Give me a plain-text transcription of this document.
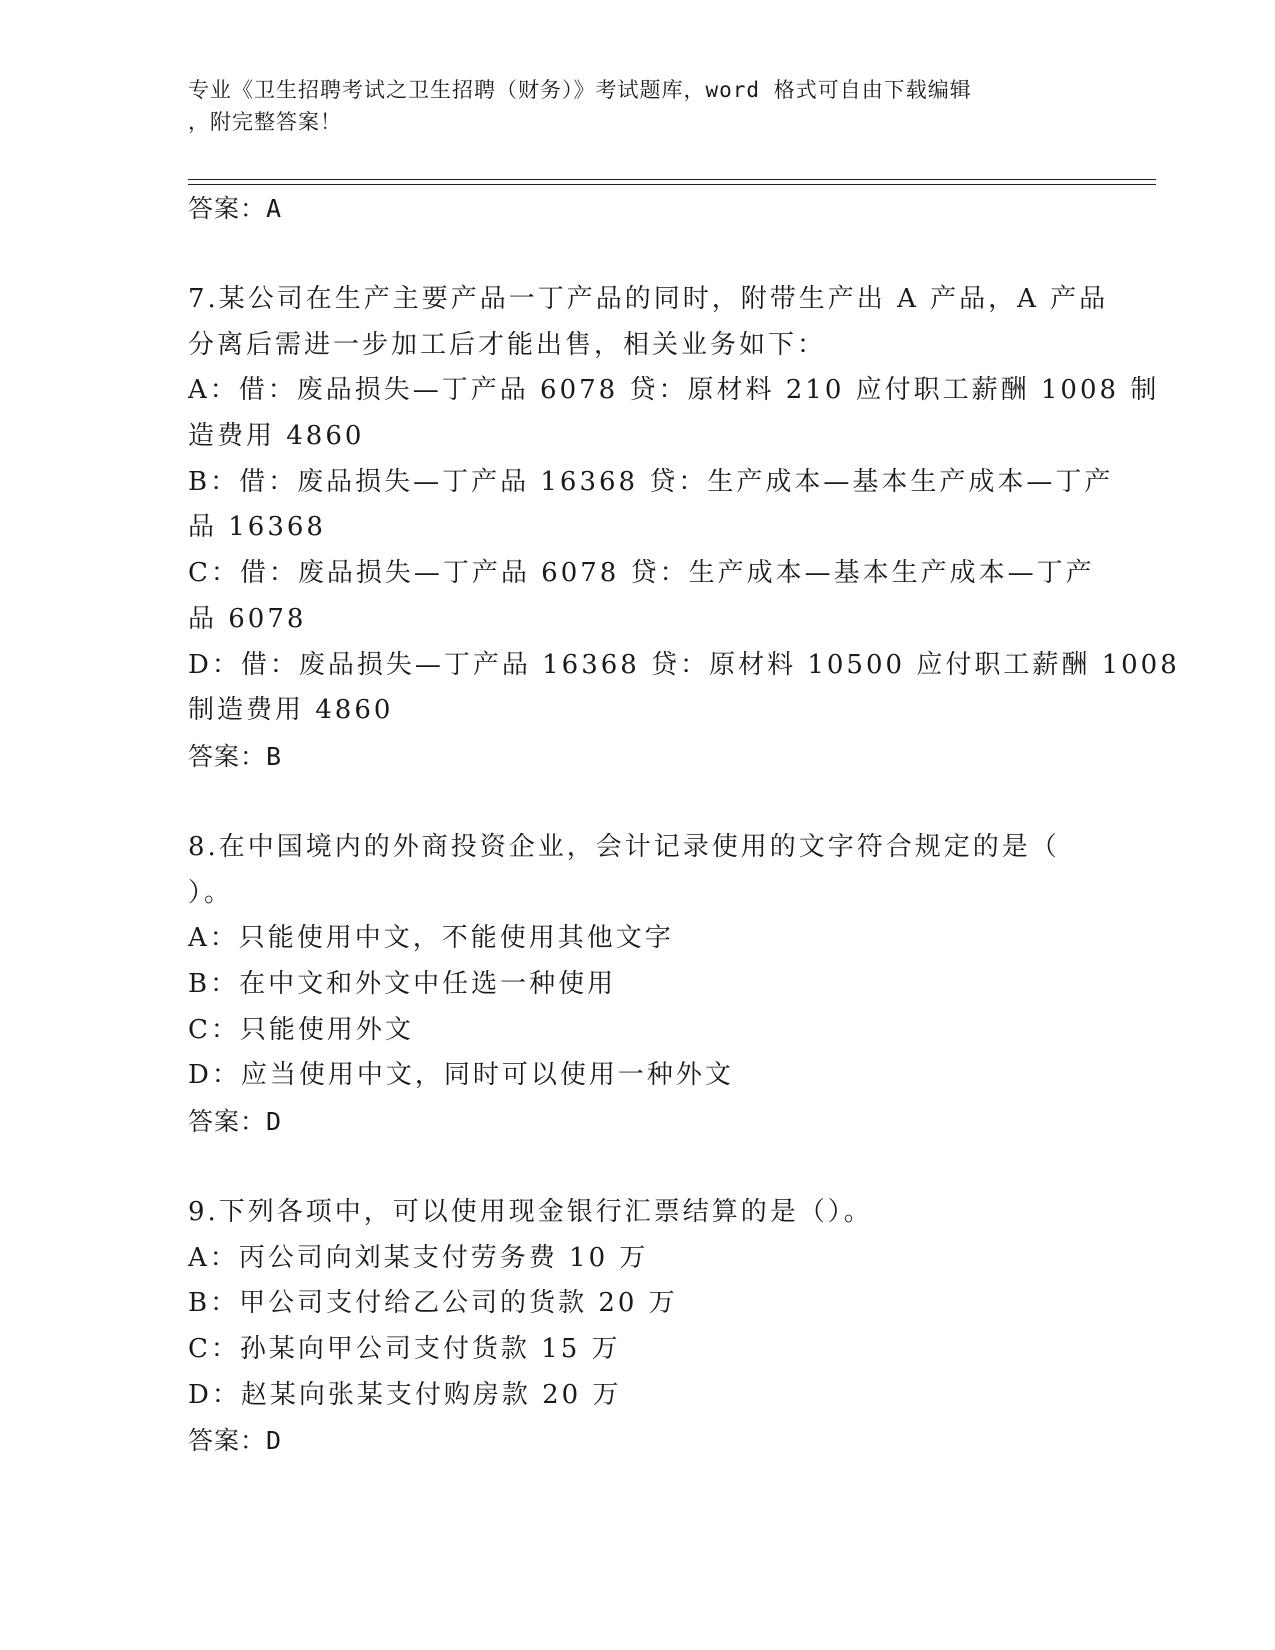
专业《卫生招聘考试之卫生招聘（财务）》考试题库，word 格式可自由下载编辑
，附完整答案！
答案：A
7.某公司在生产主要产品一丁产品的同时，附带生产出 A 产品，A 产品
分离后需进一步加工后才能出售，相关业务如下：
A：借：废品损失—丁产品 6078 贷：原材料 210 应付职工薪酬 1008 制
造费用 4860
B：借：废品损失—丁产品 16368 贷：生产成本—基本生产成本—丁产
品 16368
C：借：废品损失—丁产品 6078 贷：生产成本—基本生产成本—丁产
品 6078
D：借：废品损失—丁产品 16368 贷：原材料 10500 应付职工薪酬 1008
制造费用 4860
答案：B
8.在中国境内的外商投资企业，会计记录使用的文字符合规定的是（
）。
A：只能使用中文，不能使用其他文字
B：在中文和外文中任选一种使用
C：只能使用外文
D：应当使用中文，同时可以使用一种外文
答案：D
9.下列各项中，可以使用现金银行汇票结算的是（）。
A：丙公司向刘某支付劳务费 10 万
B：甲公司支付给乙公司的货款 20 万
C：孙某向甲公司支付货款 15 万
D：赵某向张某支付购房款 20 万
答案：D
